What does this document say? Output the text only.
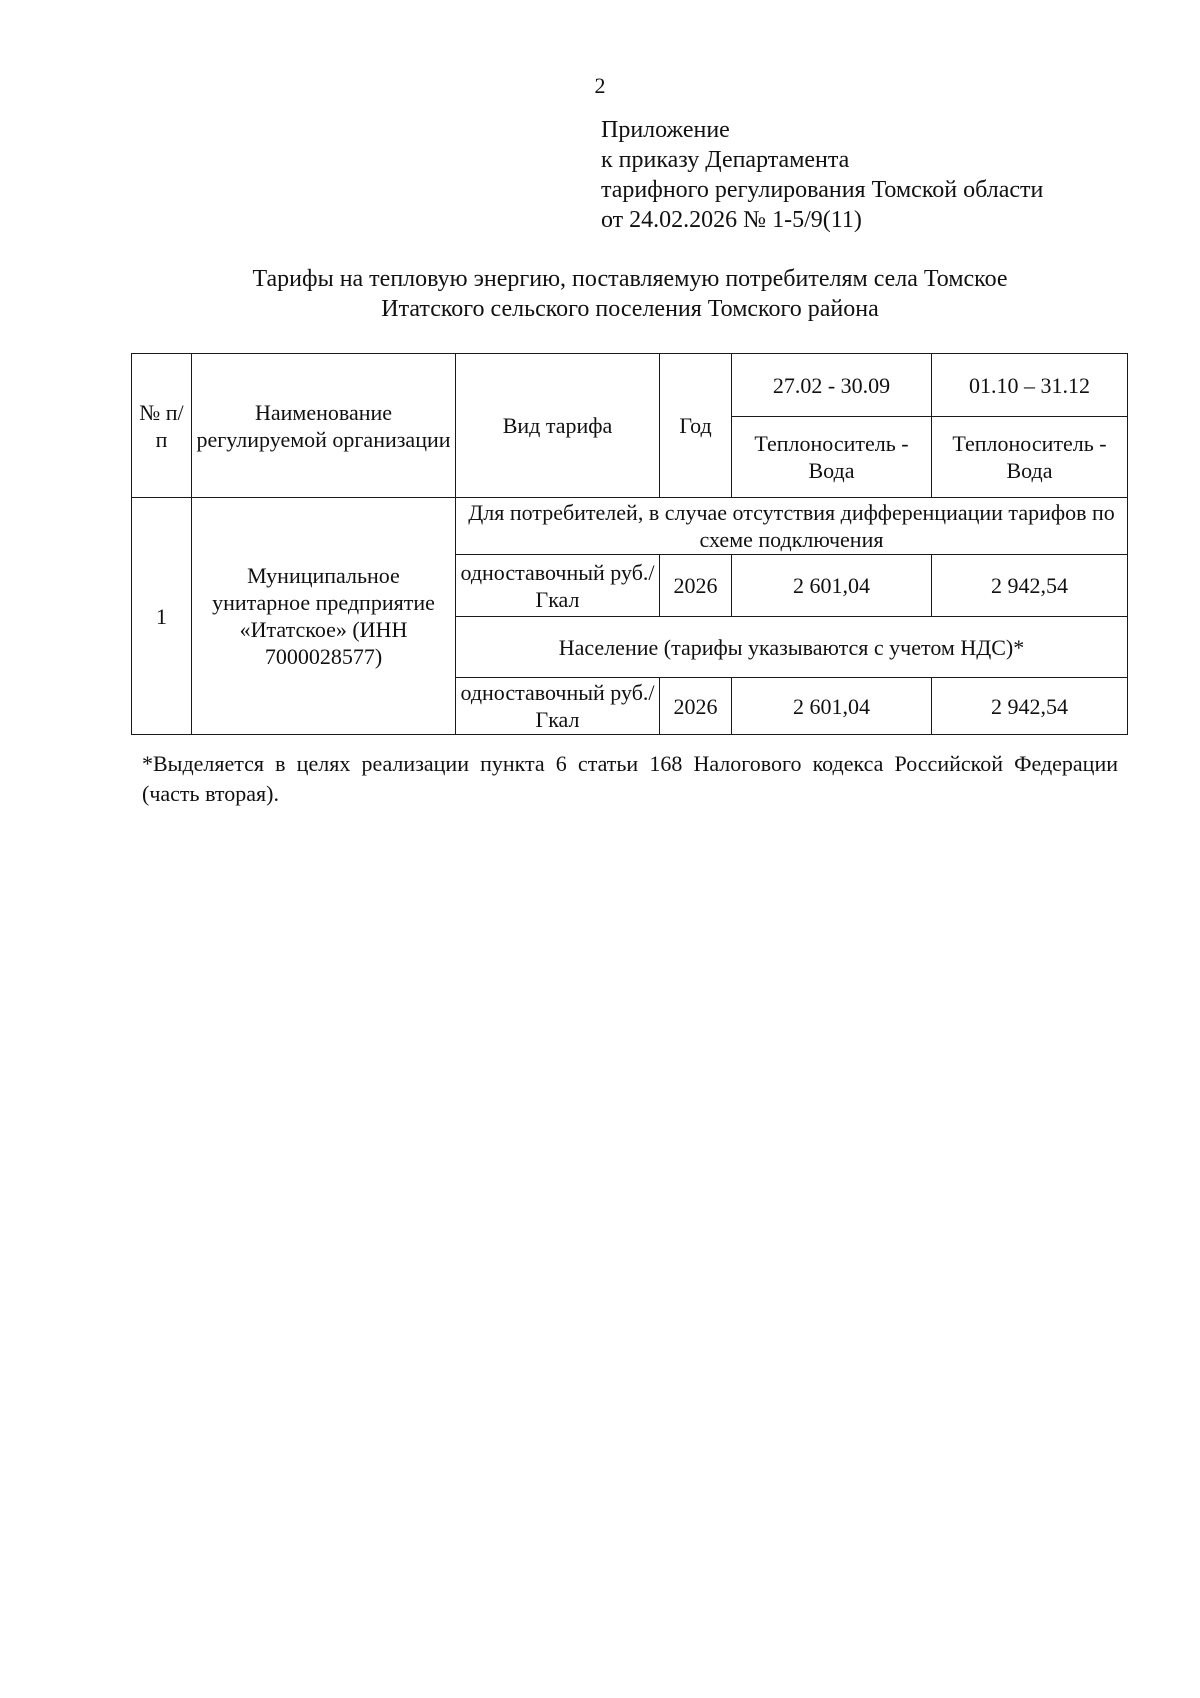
2
Приложение
к приказу Департамента
тарифного регулирования Томской области
от 24.02.2026 № 1-5/9(11)
Тарифы на тепловую энергию, поставляемую потребителям села Томское
Итатского сельского поселения Томского района
№ п/п	Наименование регулируемой организации	Вид тарифа	Год	27.02 - 30.09	01.10 – 31.12
				Теплоноситель - Вода	Теплоноситель - Вода
1	Муниципальное унитарное предприятие «Итатское» (ИНН 7000028577)	Для потребителей, в случае отсутствия дифференциации тарифов по схеме подключения			
		одноставочный руб./Гкал	2026	2 601,04	2 942,54
		Население (тарифы указываются с учетом НДС)*			
		одноставочный руб./Гкал	2026	2 601,04	2 942,54
*Выделяется в целях реализации пункта 6 статьи 168 Налогового кодекса Российской Федерации (часть вторая).
